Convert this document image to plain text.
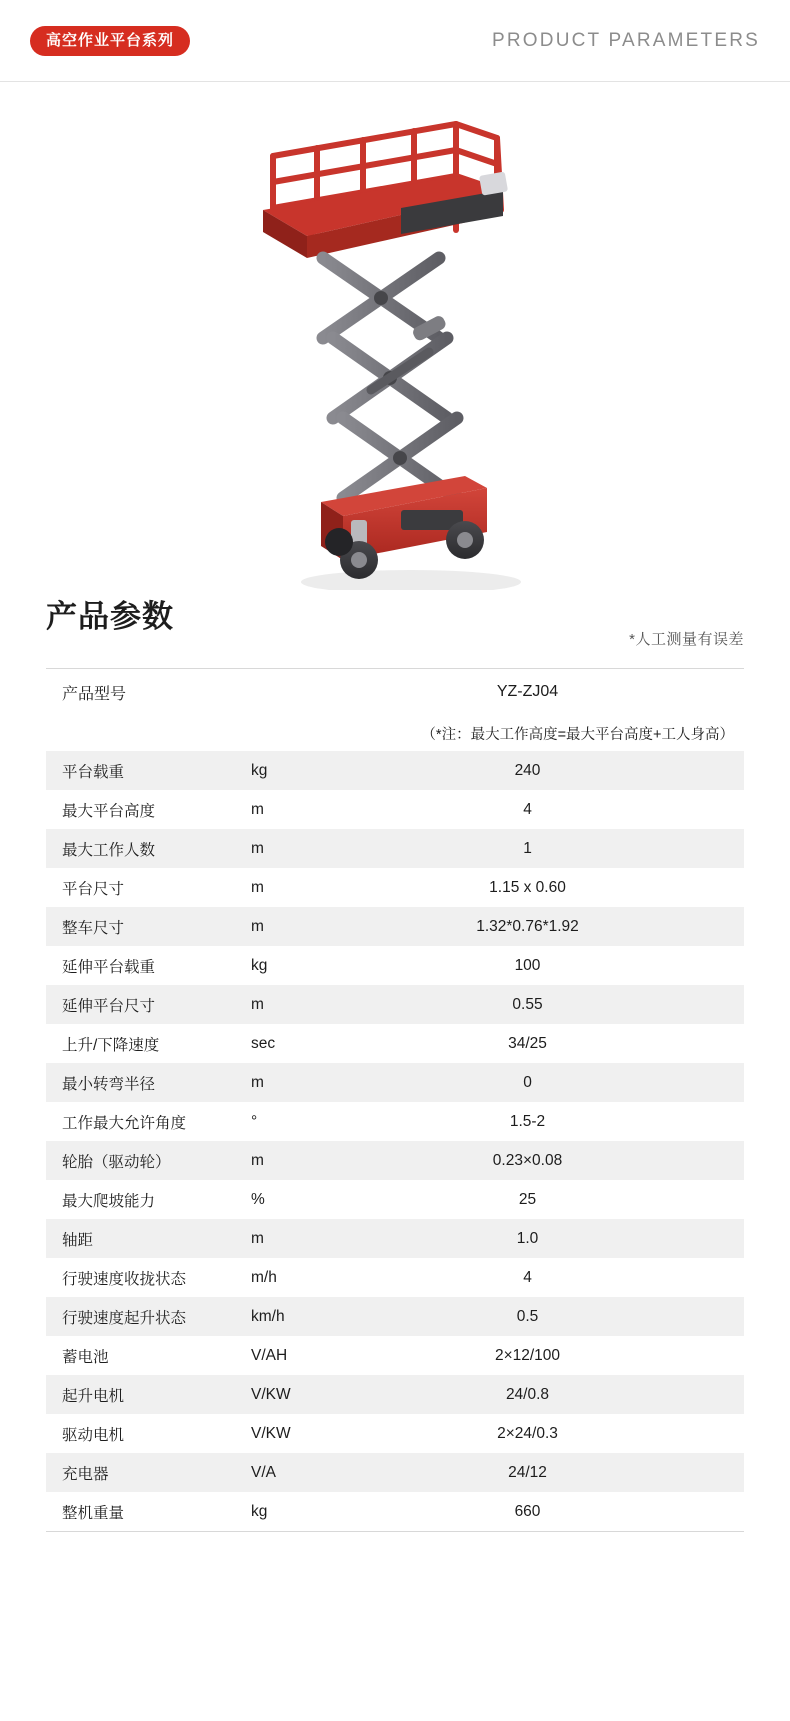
高空作业平台系列	PRODUCT PARAMETERS
产品参数
*人工测量有误差
产品型号	YZ-ZJ04
（*注：最大工作高度=最大平台高度+工人身高）
平台载重	kg	240
最大平台高度	m	4
最大工作人数	m	1
平台尺寸	m	1.15 x 0.60
整车尺寸	m	1.32*0.76*1.92
延伸平台载重	kg	100
延伸平台尺寸	m	0.55
上升/下降速度	sec	34/25
最小转弯半径	m	0
工作最大允许角度	°	1.5-2
轮胎（驱动轮）	m	0.23×0.08
最大爬坡能力	%	25
轴距	m	1.0
行驶速度收拢状态	m/h	4
行驶速度起升状态	km/h	0.5
蓄电池	V/AH	2×12/100
起升电机	V/KW	24/0.8
驱动电机	V/KW	2×24/0.3
充电器	V/A	24/12
整机重量	kg	660
